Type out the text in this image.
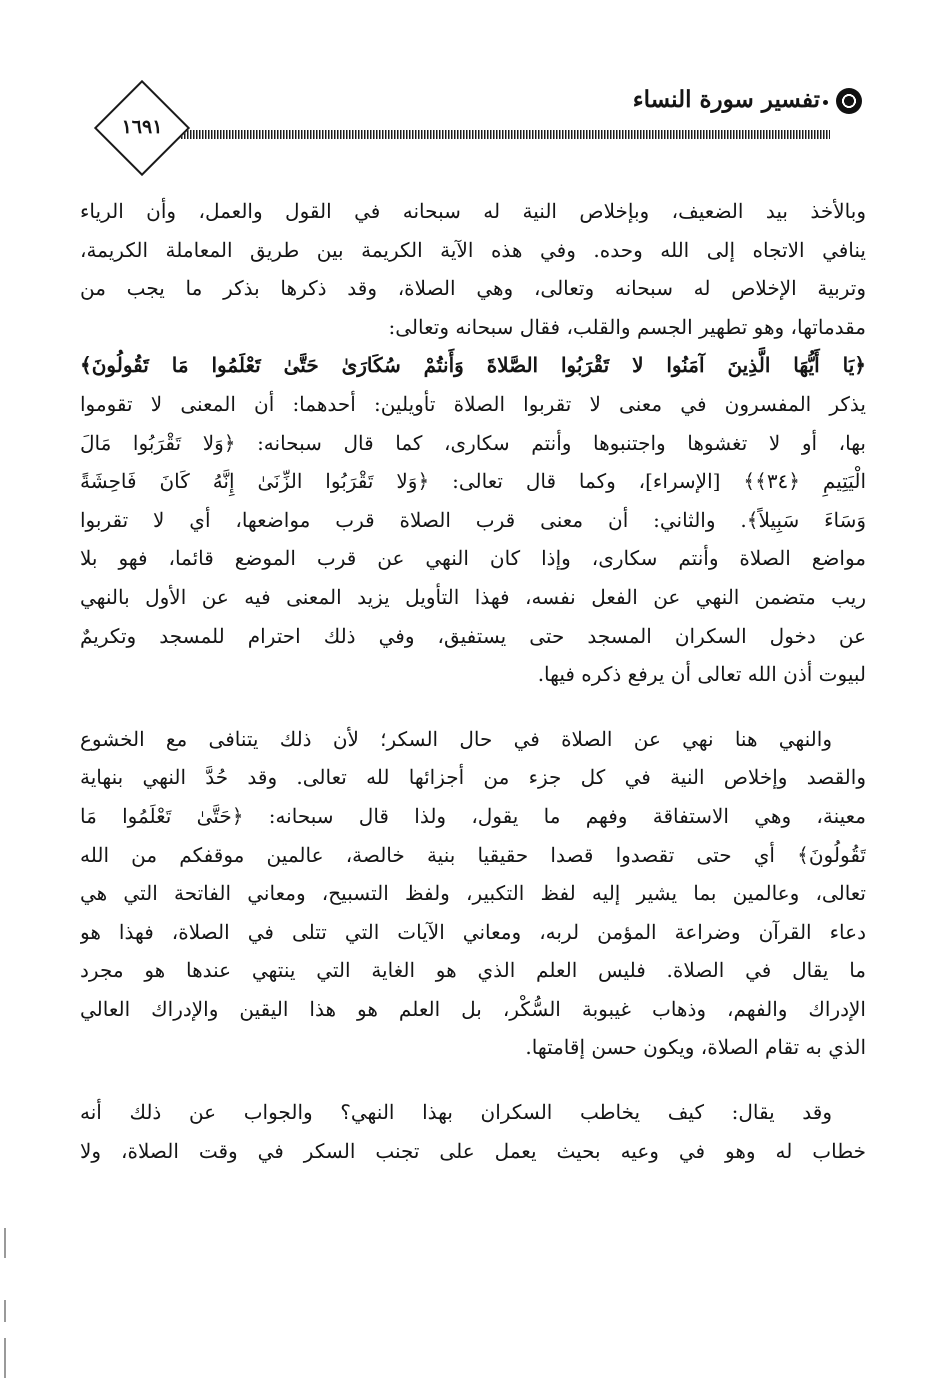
١٦٩١
تفسير سورة النساء
وبالأخذ بيد الضعيف، وبإخلاص النية له سبحانه في القول والعمل، وأن الرياء
ينافي الاتجاه إلى الله وحده. وفي هذه الآية الكريمة بين طريق المعاملة الكريمة،
وتربية الإخلاص له سبحانه وتعالى، وهي الصلاة، وقد ذكرها بذكر ما يجب من
مقدماتها، وهو تطهير الجسم والقلب، فقال سبحانه وتعالى:
﴿يَا أَيُّهَا الَّذِينَ آمَنُوا لا تَقْرَبُوا الصَّلاةَ وَأَنتُمْ سُكَارَىٰ حَتَّىٰ تَعْلَمُوا مَا تَقُولُونَ﴾
يذكر المفسرون في معنى لا تقربوا الصلاة تأويلين: أحدهما: أن المعنى لا تقوموا
بها، أو لا تغشوها واجتنبوها وأنتم سكارى، كما قال سبحانه: ﴿وَلا تَقْرَبُوا مَالَ
الْيَتِيمِ ﴿٣٤﴾﴾ [الإسراء]، وكما قال تعالى: ﴿وَلا تَقْرَبُوا الزِّنَىٰ إِنَّهُ كَانَ فَاحِشَةً
وَسَاءَ سَبِيلاً﴾. والثاني: أن معنى قرب الصلاة قرب مواضعها، أي لا تقربوا
مواضع الصلاة وأنتم سكارى، وإذا كان النهي عن قرب الموضع قائما، فهو بلا
ريب متضمن النهي عن الفعل نفسه، فهذا التأويل يزيد المعنى فيه عن الأول بالنهي
عن دخول السكران المسجد حتى يستفيق، وفي ذلك احترام للمسجد وتكريمٌ
لبيوت أذن الله تعالى أن يرفع ذكره فيها.
والنهي هنا نهي عن الصلاة في حال السكر؛ لأن ذلك يتنافى مع الخشوع
والقصد وإخلاص النية في كل جزء من أجزائها لله تعالى. وقد حُدَّ النهي بنهاية
معينة، وهي الاستفاقة وفهم ما يقول، ولذا قال سبحانه: ﴿حَتَّىٰ تَعْلَمُوا مَا
تَقُولُونَ﴾ أي حتى تقصدوا قصدا حقيقيا بنية خالصة، عالمين موقفكم من الله
تعالى، وعالمين بما يشير إليه لفظ التكبير، ولفظ التسبيح، ومعاني الفاتحة التي هي
دعاء القرآن وضراعة المؤمن لربه، ومعاني الآيات التي تتلى في الصلاة، فهذا هو
ما يقال في الصلاة. فليس العلم الذي هو الغاية التي ينتهي عندها هو مجرد
الإدراك والفهم، وذهاب غيبوبة السُّكْر، بل العلم هو هذا اليقين والإدراك العالي
الذي به تقام الصلاة، ويكون حسن إقامتها.
وقد يقال: كيف يخاطب السكران بهذا النهي؟ والجواب عن ذلك أنه
خطاب له وهو في وعيه بحيث يعمل على تجنب السكر في وقت الصلاة، ولا
